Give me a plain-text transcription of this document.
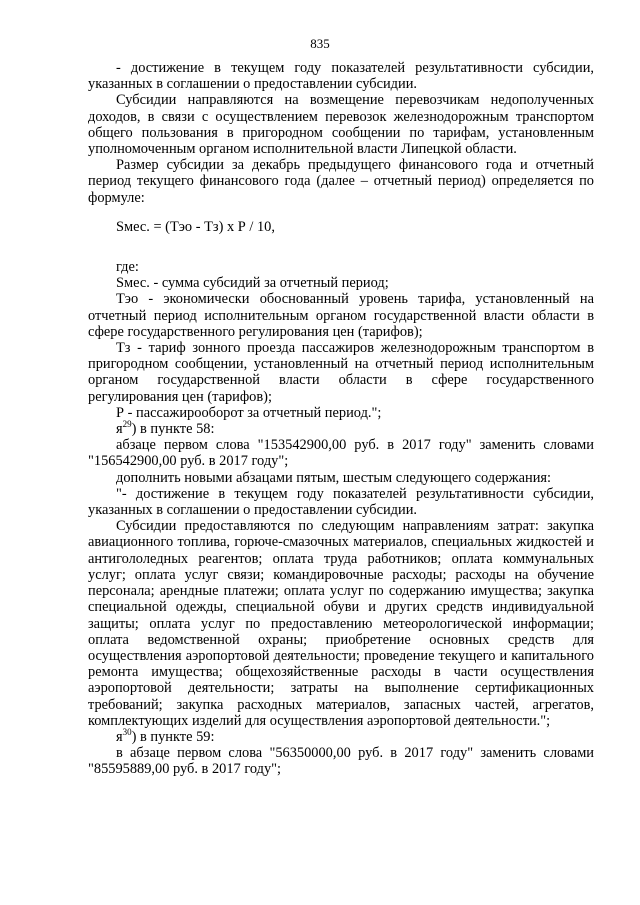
835

- достижение в текущем году показателей результативности субсидии, указанных в соглашении о предоставлении субсидии.

Субсидии направляются на возмещение перевозчикам недополученных доходов, в связи с осуществлением перевозок железнодорожным транспортом общего пользования в пригородном сообщении по тарифам, установленным уполномоченным органом исполнительной власти Липецкой области.

Размер субсидии за декабрь предыдущего финансового года и отчетный период текущего финансового года (далее – отчетный период) определяется по формуле:

Sмес. = (Тэо - Тз) х Р / 10,

где:

Sмес. - сумма субсидий за отчетный период;

Тэо - экономически обоснованный уровень тарифа, установленный на отчетный период исполнительным органом государственной власти области в сфере государственного регулирования цен (тарифов);

Тз - тариф зонного проезда пассажиров железнодорожным транспортом в пригородном сообщении, установленный на отчетный период исполнительным органом государственной власти области в сфере государственного регулирования цен (тарифов);

Р - пассажирооборот за отчетный период.";

$я^{29}$) в пункте 58:

абзаце первом слова "153542900,00 руб. в 2017 году" заменить словами "156542900,00 руб. в 2017 году";

дополнить новыми абзацами пятым, шестым следующего содержания:

"- достижение в текущем году показателей результативности субсидии, указанных в соглашении о предоставлении субсидии.

Субсидии предоставляются по следующим направлениям затрат: закупка авиационного топлива, горюче-смазочных материалов, специальных жидкостей и антигололедных реагентов; оплата труда работников; оплата коммунальных услуг; оплата услуг связи; командировочные расходы; расходы на обучение персонала; арендные платежи; оплата услуг по содержанию имущества; закупка специальной одежды, специальной обуви и других средств индивидуальной защиты; оплата услуг по предоставлению метеорологической информации; оплата ведомственной охраны; приобретение основных средств для осуществления аэропортовой деятельности; проведение текущего и капитального ремонта имущества; общехозяйственные расходы в части осуществления аэропортовой деятельности; затраты на выполнение сертификационных требований; закупка расходных материалов, запасных частей, агрегатов, комплектующих изделий для осуществления аэропортовой деятельности.";

$я^{30}$) в пункте 59:

в абзаце первом слова "56350000,00 руб. в 2017 году" заменить словами "85595889,00 руб. в 2017 году";
